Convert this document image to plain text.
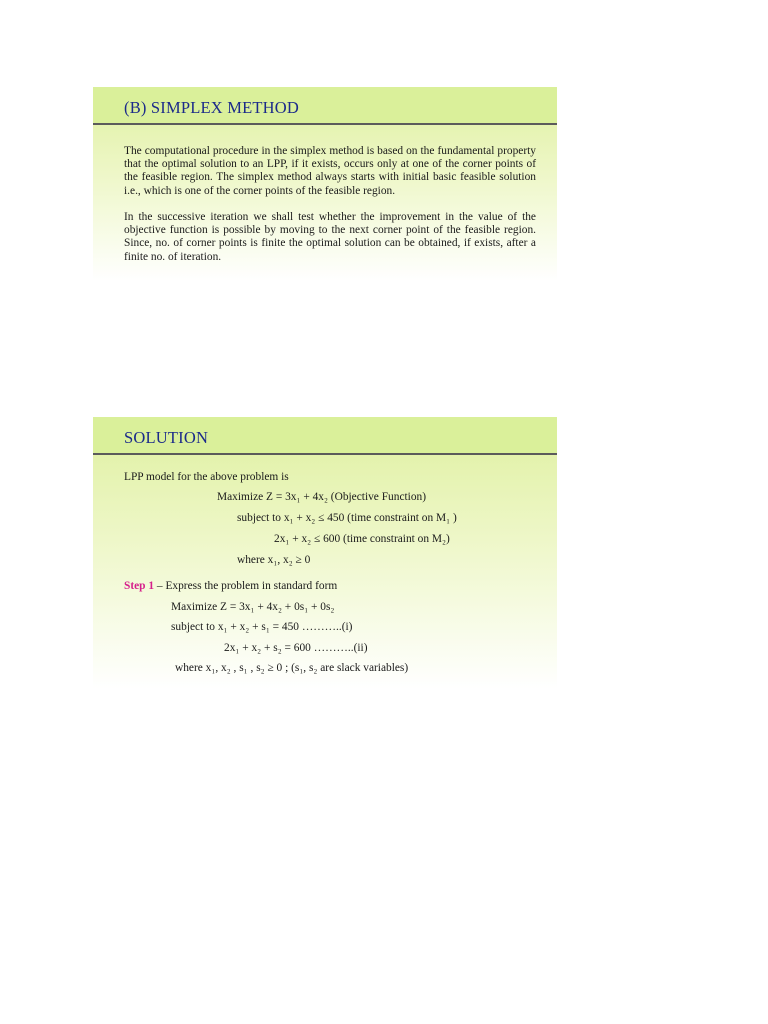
(B) SIMPLEX METHOD

The computational procedure in the simplex method is based on the fundamental property that the optimal solution to an LPP, if it exists, occurs only at one of the corner points of the feasible region. The simplex method always starts with initial basic feasible solution i.e., which is one of the corner points of the feasible region.

In the successive iteration we shall test whether the improvement in the value of the objective function is possible by moving to the next corner point of the feasible region. Since, no. of corner points is finite the optimal solution can be obtained, if exists, after a finite no. of iteration.

SOLUTION
LPP model for the above problem is
Maximize Z = 3x₁ + 4x₂ (Objective Function)
subject to x₁ + x₂ ≤ 450 (time constraint on M₁ )
2x₁ + x₂ ≤ 600 (time constraint on M₂)
where x₁, x₂ ≥ 0
Step 1 – Express the problem in standard form
Maximize Z = 3x₁ + 4x₂ + 0s₁ + 0s₂
subject to x₁ + x₂ + s₁ = 450 ………..(i)
2x₁ + x₂ + s₂ = 600 ………..(ii)
where x₁, x₂ , s₁ , s₂ ≥ 0 ; (s₁, s₂ are slack variables)
